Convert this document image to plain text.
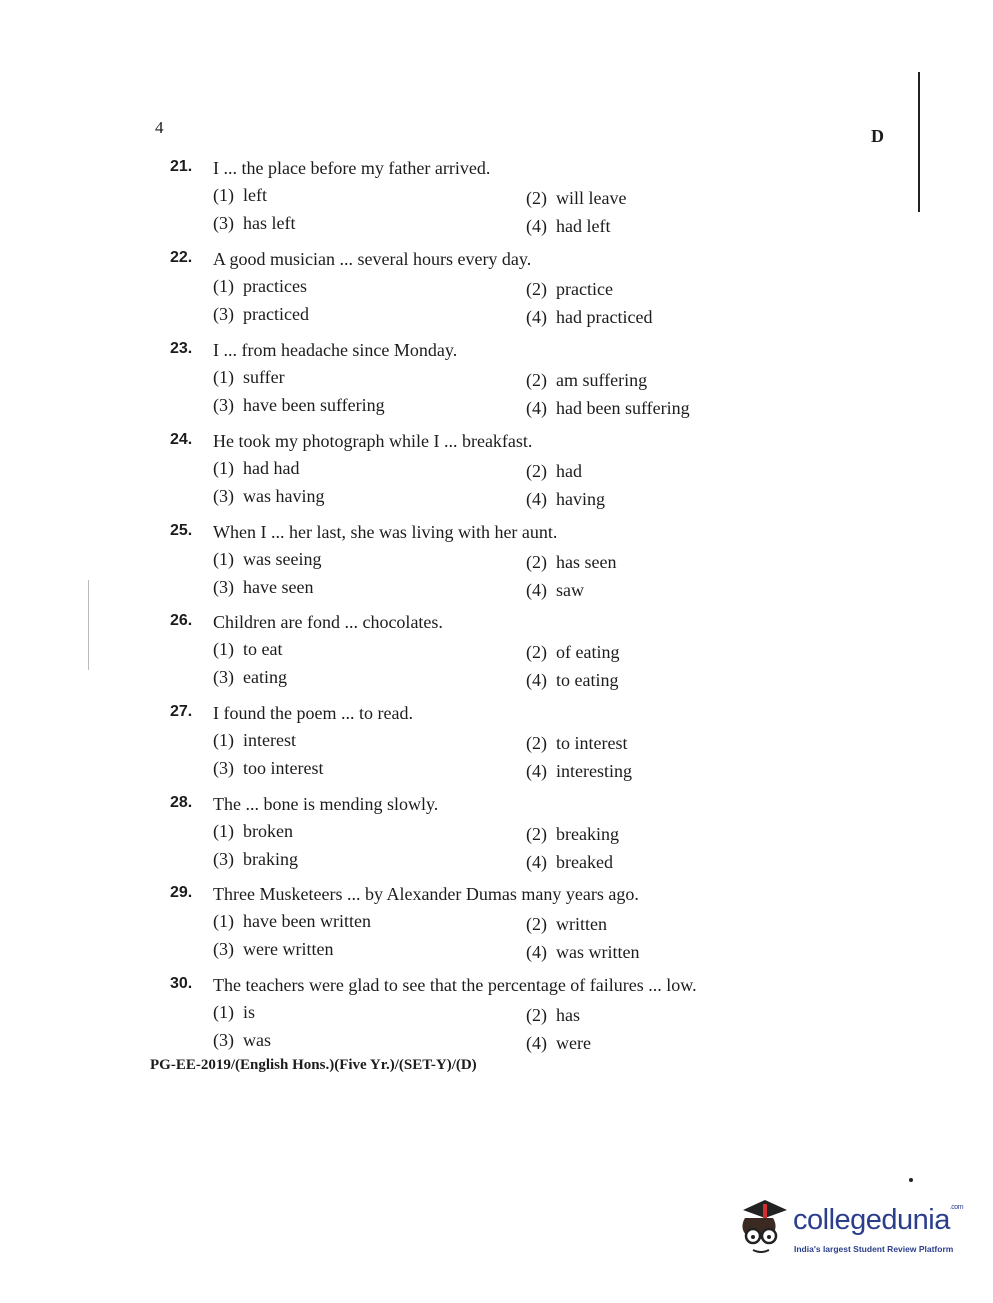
4	D
21. I ... the place before my father arrived.
(1) left	(2) will leave
(3) has left	(4) had left
22. A good musician ... several hours every day.
(1) practices	(2) practice
(3) practiced	(4) had practiced
23. I ... from headache since Monday.
(1) suffer	(2) am suffering
(3) have been suffering	(4) had been suffering
24. He took my photograph while I ... breakfast.
(1) had had	(2) had
(3) was having	(4) having
25. When I ... her last, she was living with her aunt.
(1) was seeing	(2) has seen
(3) have seen	(4) saw
26. Children are fond ... chocolates.
(1) to eat	(2) of eating
(3) eating	(4) to eating
27. I found the poem ... to read.
(1) interest	(2) to interest
(3) too interest	(4) interesting
28. The ... bone is mending slowly.
(1) broken	(2) breaking
(3) braking	(4) breaked
29. Three Musketeers ... by Alexander Dumas many years ago.
(1) have been written	(2) written
(3) were written	(4) was written
30. The teachers were glad to see that the percentage of failures ... low.
(1) is	(2) has
(3) was	(4) were
PG-EE-2019/(English Hons.)(Five Yr.)/(SET-Y)/(D)
collegedunia$^{.com}$
India's largest Student Review Platform
